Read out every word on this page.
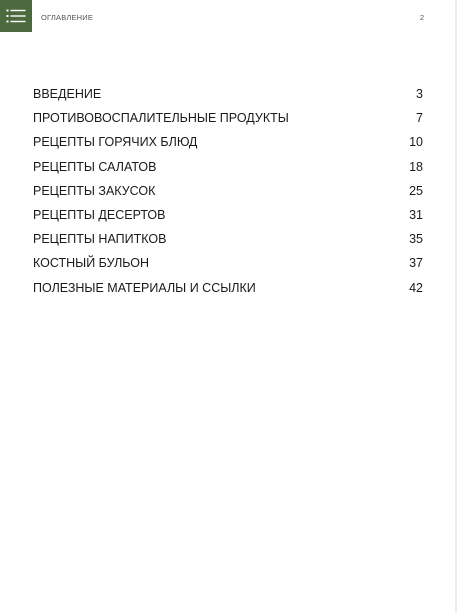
ОГЛАВЛЕНИЕ	2
ВВЕДЕНИЕ	3
ПРОТИВОВОСПАЛИТЕЛЬНЫЕ ПРОДУКТЫ	7
РЕЦЕПТЫ ГОРЯЧИХ БЛЮД	10
РЕЦЕПТЫ САЛАТОВ	18
РЕЦЕПТЫ ЗАКУСОК	25
РЕЦЕПТЫ ДЕСЕРТОВ	31
РЕЦЕПТЫ НАПИТКОВ	35
КОСТНЫЙ БУЛЬОН	37
ПОЛЕЗНЫЕ МАТЕРИАЛЫ И ССЫЛКИ	42
